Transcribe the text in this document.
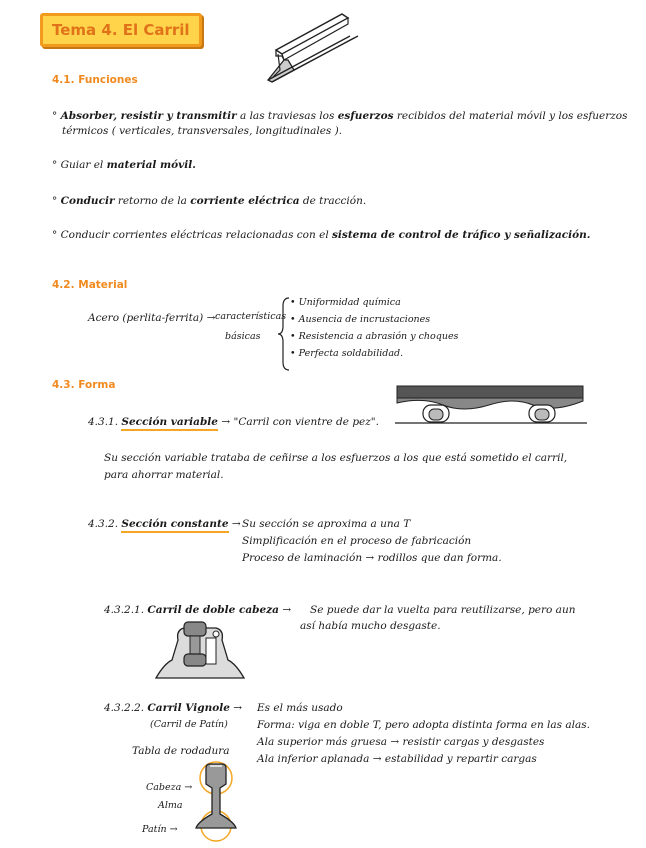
Tema 4. El Carril
4.1. Funciones
° Absorber, resistir y transmitir a las traviesas los esfuerzos recibidos del material móvil y los esfuerzos
térmicos ( verticales, transversales, longitudinales ).
° Guiar el material móvil.
° Conducir retorno de la corriente eléctrica de tracción.
° Conducir corrientes eléctricas relacionadas con el sistema de control de tráfico y señalización.
4.2. Material
Acero (perlita-ferrita) → características
básicas
• Uniformidad química
• Ausencia de incrustaciones
• Resistencia a abrasión y choques
• Perfecta soldabilidad.
4.3. Forma
4.3.1. Sección variable → "Carril con vientre de pez".
Su sección variable trataba de ceñirse a los esfuerzos a los que está sometido el carril,
para ahorrar material.
4.3.2. Sección constante → Su sección se aproxima a una T
Simplificación en el proceso de fabricación
Proceso de laminación → rodillos que dan forma.
4.3.2.1. Carril de doble cabeza → Se puede dar la vuelta para reutilizarse, pero aun
así había mucho desgaste.
4.3.2.2. Carril Vignole →
(Carril de Patín)
Es el más usado
Forma: viga en doble T, pero adopta distinta forma en las alas.
Ala superior más gruesa → resistir cargas y desgastes
Ala inferior aplanada → estabilidad y repartir cargas
Tabla de rodadura
Cabeza →
Alma
Patín →
